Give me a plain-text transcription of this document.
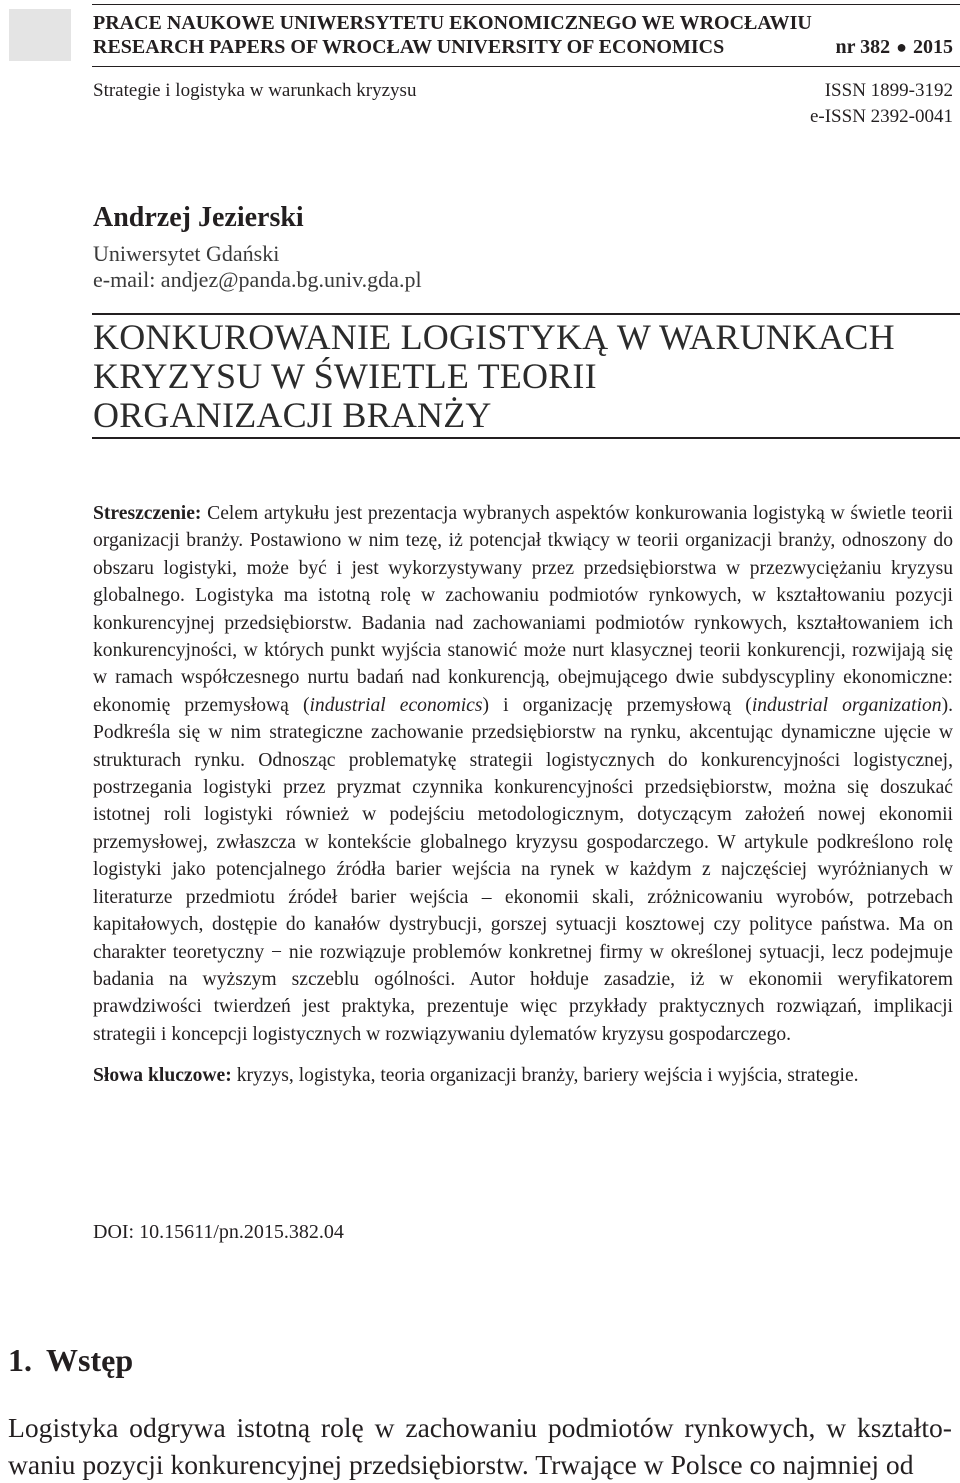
PRACE NAUKOWE UNIWERSYTETU EKONOMICZNEGO WE WROCŁAWIU
RESEARCH PAPERS OF WROCŁAW UNIVERSITY OF ECONOMICS	nr 382 ● 2015
Strategie i logistyka w warunkach kryzysu	ISSN 1899-3192
e-ISSN 2392-0041
Andrzej Jezierski
Uniwersytet Gdański
e-mail: andjez@panda.bg.univ.gda.pl
KONKUROWANIE LOGISTYKĄ W WARUNKACH
KRYZYSU W ŚWIETLE TEORII
ORGANIZACJI BRANŻY
Streszczenie: Celem artykułu jest prezentacja wybranych aspektów konkurowania logistyką w świetle teorii organizacji branży. Postawiono w nim tezę, iż potencjał tkwiący w teorii organizacji branży, odnoszony do obszaru logistyki, może być i jest wykorzystywany przez przedsiębiorstwa w przezwyciężaniu kryzysu globalnego. Logistyka ma istotną rolę w zachowaniu podmiotów rynkowych, w kształtowaniu pozycji konkurencyjnej przedsiębiorstw. Badania nad zachowaniami podmiotów rynkowych, kształtowaniem ich konkurencyjności, w których punkt wyjścia stanowić może nurt klasycznej teorii konkurencji, rozwijają się w ramach współczesnego nurtu badań nad konkurencją, obejmującego dwie subdyscypliny ekonomiczne: ekonomię przemysłową (industrial economics) i organizację przemysłową (industrial organization). Podkreśla się w nim strategiczne zachowanie przedsiębiorstw na rynku, akcentując dynamiczne ujęcie w strukturach rynku. Odnosząc problematykę strategii logistycznych do konkurencyjności logistycznej, postrzegania logistyki przez pryzmat czynnika konkurencyjności przedsiębiorstw, można się doszukać istotnej roli logistyki również w podejściu metodologicznym, dotyczącym założeń nowej ekonomii przemysłowej, zwłaszcza w kontekście globalnego kryzysu gospodarczego. W artykule podkreślono rolę logistyki jako potencjalnego źródła barier wejścia na rynek w każdym z najczęściej wyróżnianych w literaturze przedmiotu źródeł barier wejścia – ekonomii skali, zróżnicowaniu wyrobów, potrzebach kapitałowych, dostępie do kanałów dystrybucji, gorszej sytuacji kosztowej czy polityce państwa. Ma on charakter teoretyczny − nie rozwiązuje problemów konkretnej firmy w określonej sytuacji, lecz podejmuje badania na wyższym szczeblu ogólności. Autor hołduje zasadzie, iż w ekonomii weryfikatorem prawdziwości twierdzeń jest praktyka, prezentuje więc przykłady praktycznych rozwiązań, implikacji strategii i koncepcji logistycznych w rozwiązywaniu dylematów kryzysu gospodarczego.
Słowa kluczowe: kryzys, logistyka, teoria organizacji branży, bariery wejścia i wyjścia, strategie.
DOI: 10.15611/pn.2015.382.04
1. Wstęp
Logistyka odgrywa istotną rolę w zachowaniu podmiotów rynkowych, w kształtowaniu pozycji konkurencyjnej przedsiębiorstw. Trwające w Polsce co najmniej od
